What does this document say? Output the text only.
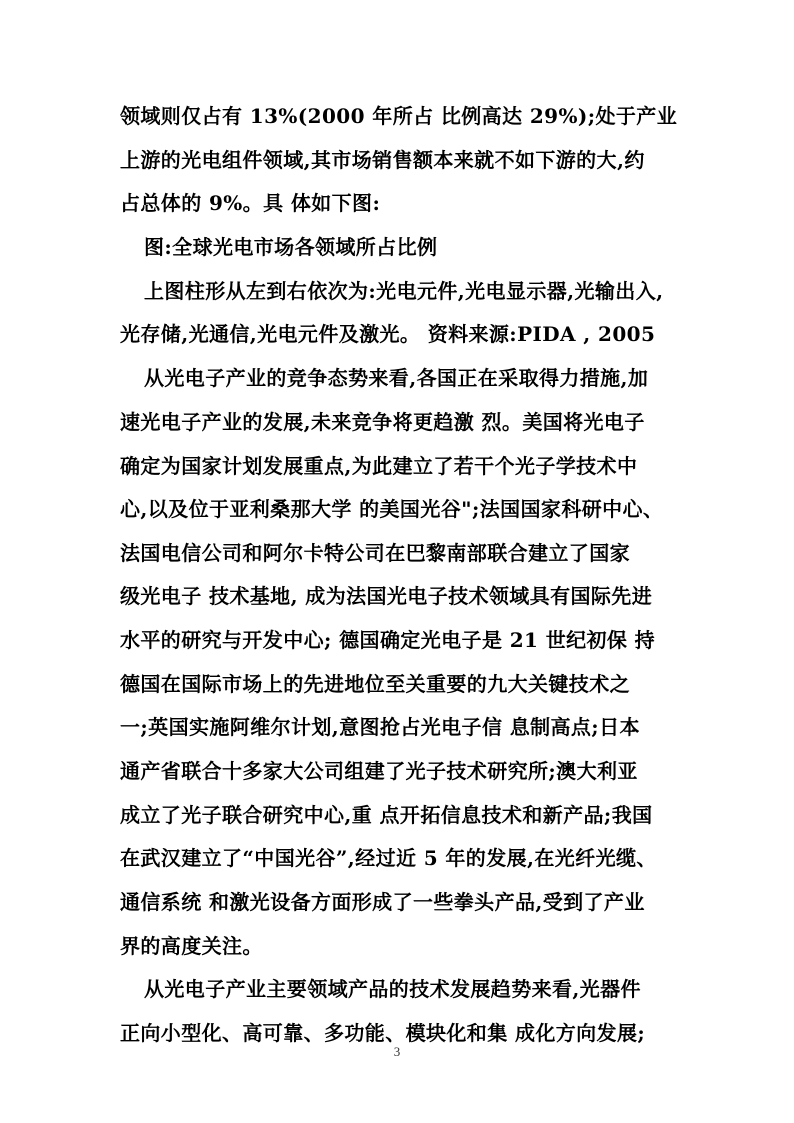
领域则仅占有 13%(2000 年所占 比例高达 29%);处于产业
上游的光电组件领域,其市场销售额本来就不如下游的大,约
占总体的 9%。具 体如下图:
图:全球光电市场各领域所占比例
上图柱形从左到右依次为:光电元件,光电显示器,光输出入,
光存储,光通信,光电元件及激光。 资料来源:PIDA , 2005
从光电子产业的竞争态势来看,各国正在采取得力措施,加
速光电子产业的发展,未来竞争将更趋激 烈。美国将光电子
确定为国家计划发展重点,为此建立了若干个光子学技术中
心,以及位于亚利桑那大学 的美国光谷";法国国家科研中心、
法国电信公司和阿尔卡特公司在巴黎南部联合建立了国家
级光电子 技术基地, 成为法国光电子技术领域具有国际先进
水平的研究与开发中心; 德国确定光电子是 21 世纪初保 持
德国在国际市场上的先进地位至关重要的九大关键技术之
一;英国实施阿维尔计划,意图抢占光电子信 息制高点;日本
通产省联合十多家大公司组建了光子技术研究所;澳大利亚
成立了光子联合研究中心,重 点开拓信息技术和新产品;我国
在武汉建立了“中国光谷”,经过近 5 年的发展,在光纤光缆、
通信系统 和激光设备方面形成了一些拳头产品,受到了产业
界的高度关注。
从光电子产业主要领域产品的技术发展趋势来看,光器件
正向小型化、高可靠、多功能、模块化和集 成化方向发展;
3
